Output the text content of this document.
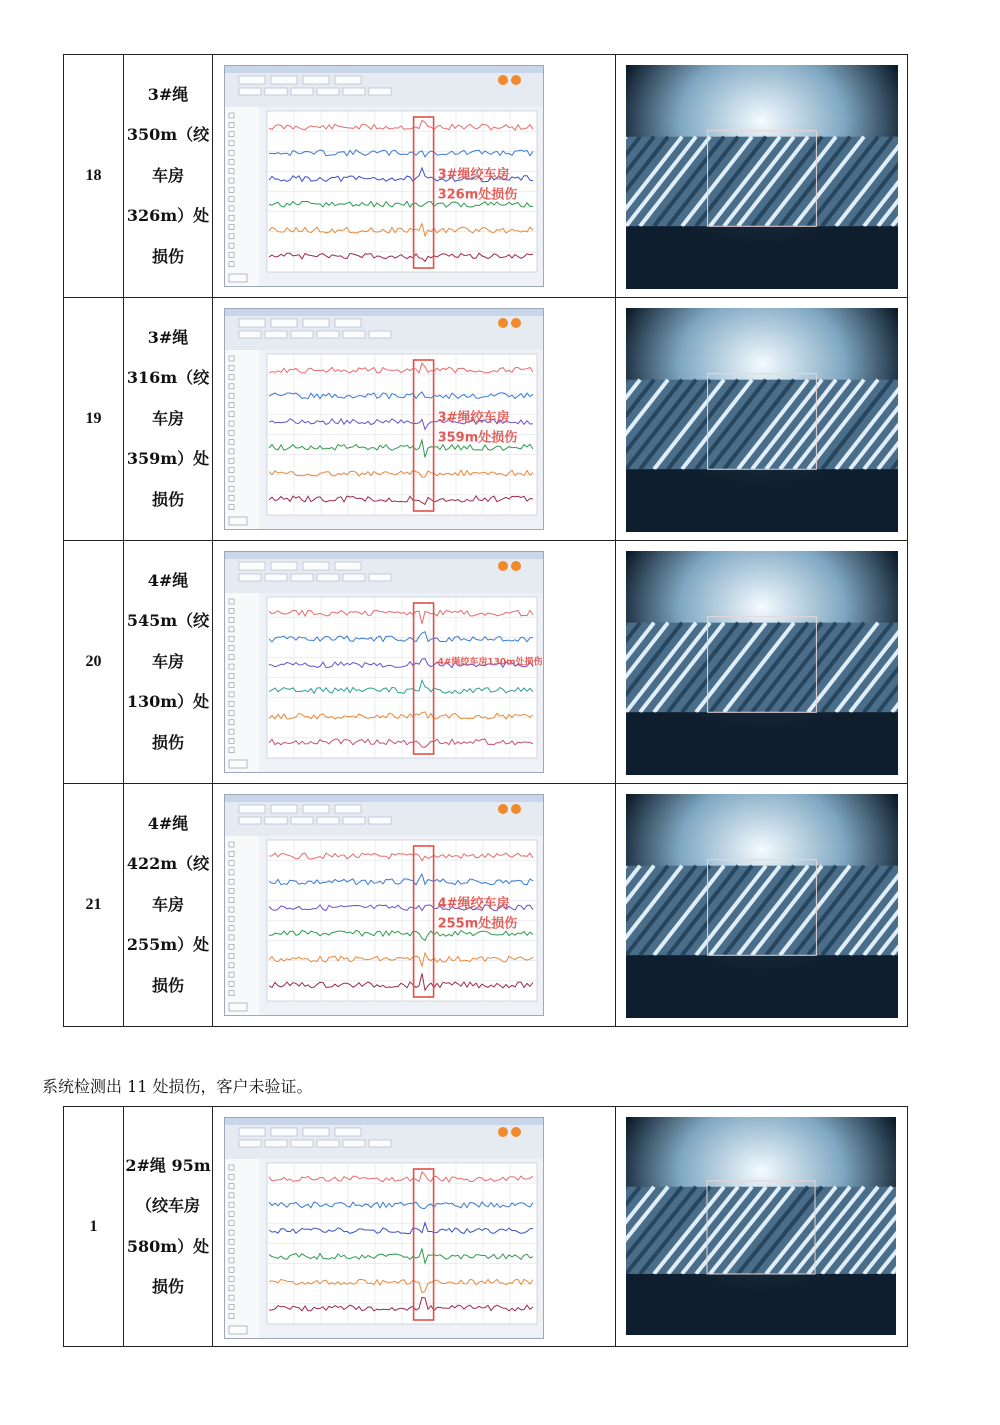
18	3#绳
350m（绞
车房
326m）处
损伤	3#绳绞车房
326m处损伤

19	3#绳
316m（绞
车房
359m）处
损伤	3#绳绞车房
359m处损伤

20	4#绳
545m（绞
车房
130m）处
损伤	4#绳绞车房130m处损伤

21	4#绳
422m（绞
车房
255m）处
损伤	4#绳绞车房
255m处损伤

系统检测出 11 处损伤，客户未验证。
1	
2#绳 95m
（绞车房
580m）处
损伤
